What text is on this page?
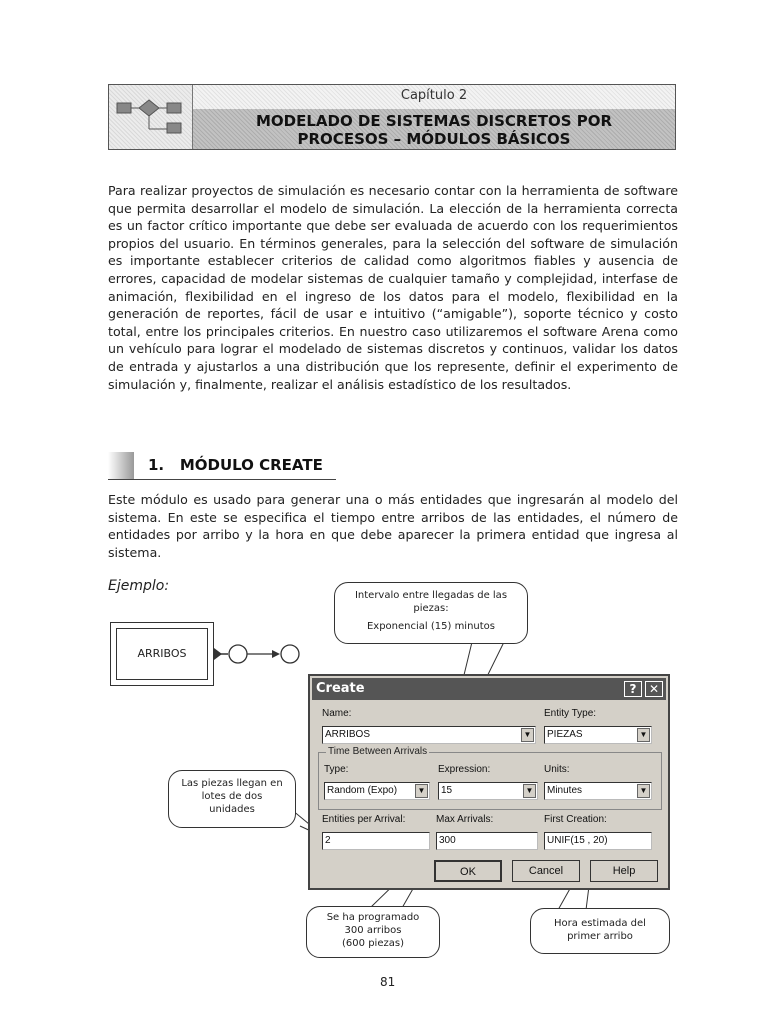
Capítulo 2
MODELADO DE SISTEMAS DISCRETOS POR
PROCESOS – MÓDULOS BÁSICOS

Para realizar proyectos de simulación es necesario contar con la herramienta de software que permita desarrollar el modelo de simulación. La elección de la herramienta correcta es un factor crítico importante que debe ser evaluada de acuerdo con los requerimientos propios del usuario. En términos generales, para la selección del software de simulación es importante establecer criterios de calidad como algoritmos fiables y ausencia de errores, capacidad de modelar sistemas de cualquier tamaño y complejidad, interfase de animación, flexibilidad en el ingreso de los datos para el modelo, flexibilidad en la generación de reportes, fácil de usar e intuitivo (“amigable”), soporte técnico y costo total, entre los principales criterios. En nuestro caso utilizaremos el software Arena como un vehículo para lograr el modelado de sistemas discretos y continuos, validar los datos de entrada y ajustarlos a una distribución que los represente, definir el experimento de simulación y, finalmente, realizar el análisis estadístico de los resultados.

1. MÓDULO CREATE

Este módulo es usado para generar una o más entidades que ingresarán al modelo del sistema. En este se especifica el tiempo entre arribos de las entidades, el número de entidades por arribo y la hora en que debe aparecer la primera entidad que ingresa al sistema.

Ejemplo:
ARRIBOS
Intervalo entre llegadas de las
piezas:
Exponencial (15) minutos
Las piezas llegan en
lotes de dos
unidades
Create	?	✕
Name:
ARRIBOS	▼
Entity Type:
PIEZAS	▼
Time Between Arrivals
Type:
Random (Expo)	▼
Expression:
15	▼
Units:
Minutes	▼
Entities per Arrival:
2
Max Arrivals:
300
First Creation:
UNIF(15 , 20)
OK	Cancel	Help
Se ha programado
300 arribos
(600 piezas)
Hora estimada del
primer arribo
81
